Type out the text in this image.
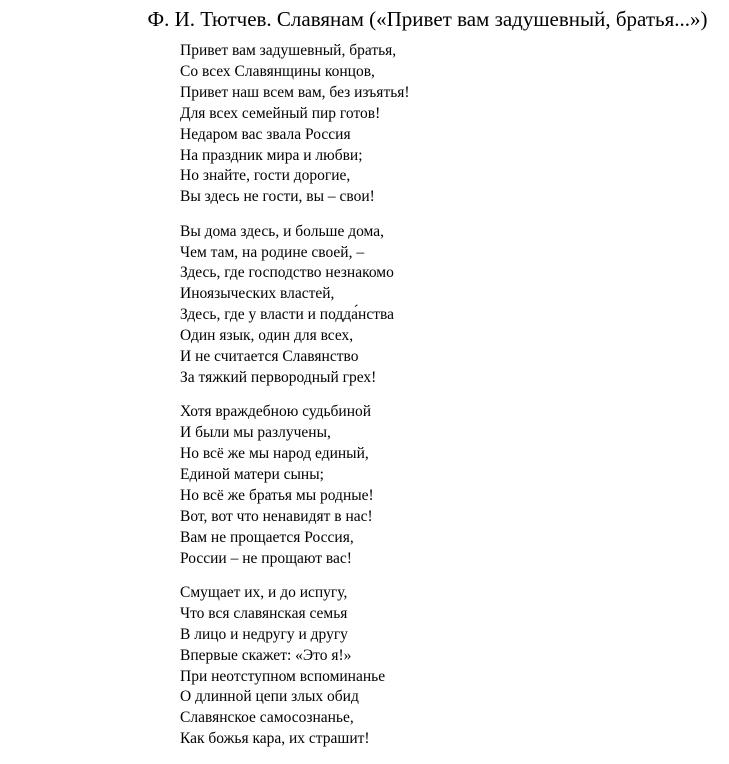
Ф. И. Тютчев. Славянам («Привет вам задушевный, братья...»)
Привет вам задушевный, братья,
Со всех Славянщины концов,
Привет наш всем вам, без изъятья!
Для всех семейный пир готов!
Недаром вас звала Россия
На праздник мира и любви;
Но знайте, гости дорогие,
Вы здесь не гости, вы – свои!
Вы дома здесь, и больше дома,
Чем там, на родине своей, –
Здесь, где господство незнакомо
Иноязыческих властей,
Здесь, где у власти и подда́нства
Один язык, один для всех,
И не считается Славянство
За тяжкий первородный грех!
Хотя враждебною судьбиной
И были мы разлучены,
Но всё же мы народ единый,
Единой матери сыны;
Но всё же братья мы родные!
Вот, вот что ненавидят в нас!
Вам не прощается Россия,
России – не прощают вас!
Смущает их, и до испугу,
Что вся славянская семья
В лицо и недругу и другу
Впервые скажет: «Это я!»
При неотступном вспоминанье
О длинной цепи злых обид
Славянское самосознанье,
Как божья кара, их страшит!
